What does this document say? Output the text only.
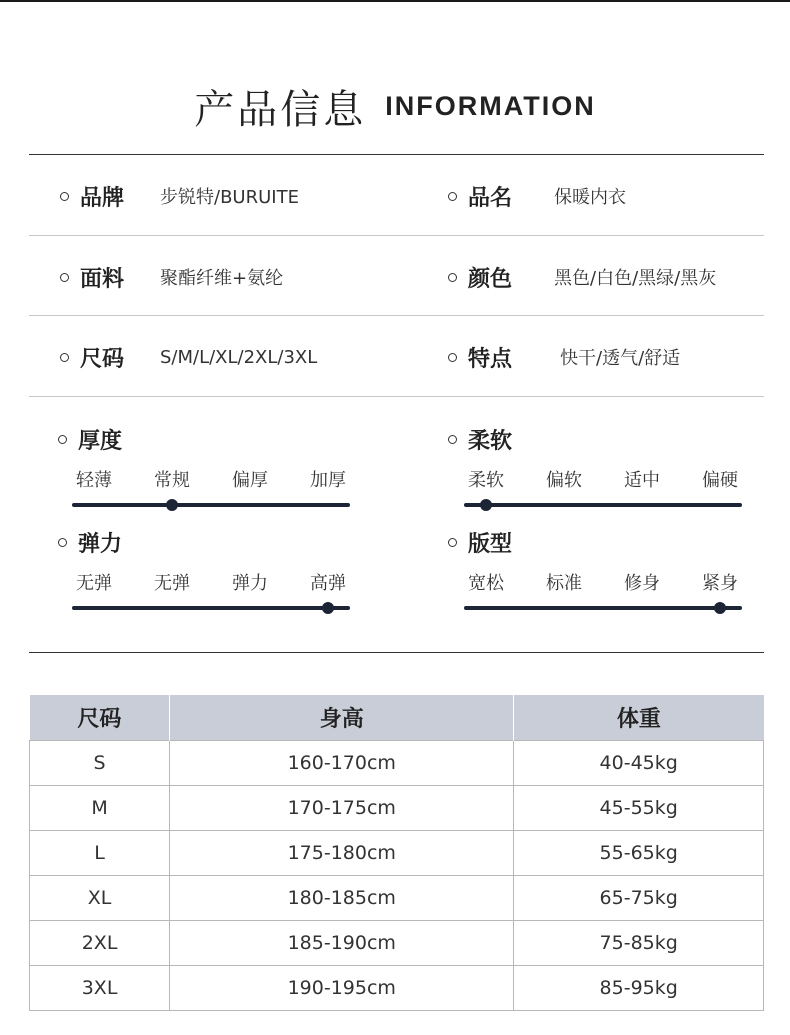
产品信息 INFORMATION
品牌	步锐特/BURUITE	品名	保暖内衣
面料	聚酯纤维+氨纶	颜色	黑色/白色/黑绿/黑灰
尺码	S/M/L/XL/2XL/3XL	特点	快干/透气/舒适
厚度
轻薄 常规 偏厚 加厚
柔软
柔软 偏软 适中 偏硬
弹力
无弹 无弹 弹力 高弹
版型
宽松 标准 修身 紧身
尺码	身高	体重
S	160-170cm	40-45kg
M	170-175cm	45-55kg
L	175-180cm	55-65kg
XL	180-185cm	65-75kg
2XL	185-190cm	75-85kg
3XL	190-195cm	85-95kg
